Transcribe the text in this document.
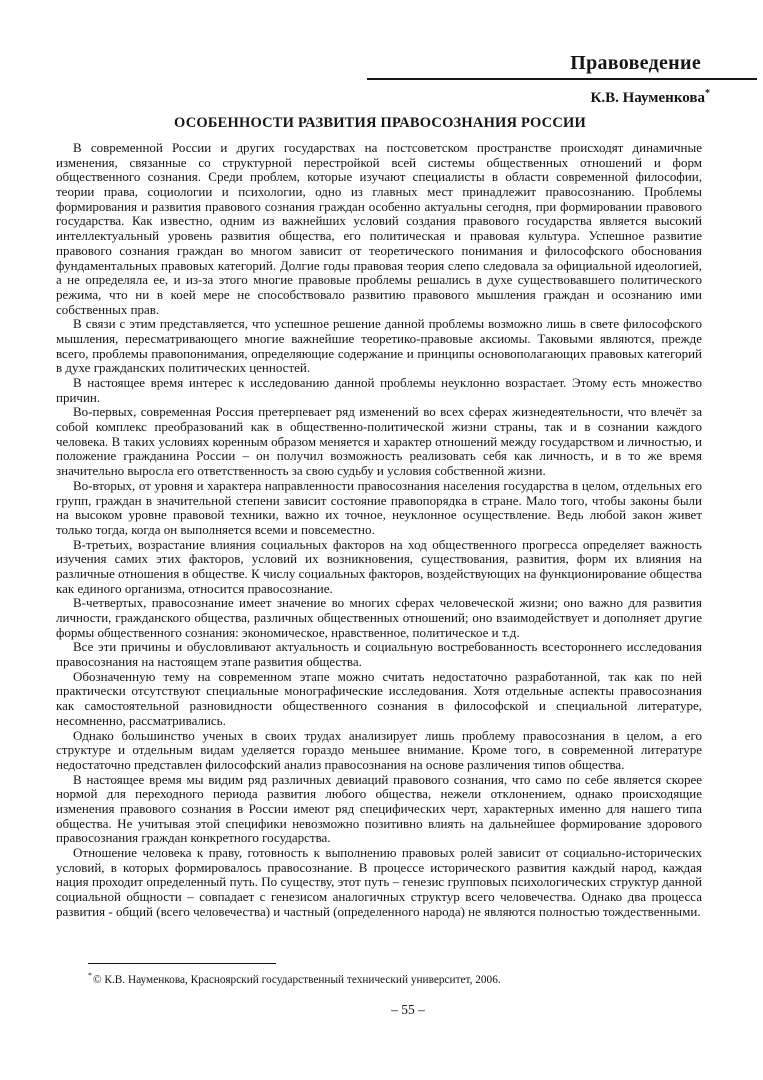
Правоведение
К.В. Науменкова*
ОСОБЕННОСТИ РАЗВИТИЯ ПРАВОСОЗНАНИЯ РОССИИ

В современной России и других государствах на постсоветском пространстве происходят динамичные изменения, связанные со структурной перестройкой всей системы общественных отношений и форм общественного сознания. Среди проблем, которые изучают специалисты в области современной философии, теории права, социологии и психологии, одно из главных мест принадлежит правосознанию. Проблемы формирования и развития правового сознания граждан особенно актуальны сегодня, при формировании правового государства. Как известно, одним из важнейших условий создания правового государства является высокий интеллектуальный уровень развития общества, его политическая и правовая культура. Успешное развитие правового сознания граждан во многом зависит от теоретического понимания и философского обоснования фундаментальных правовых категорий. Долгие годы правовая теория слепо следовала за официальной идеологией, а не определяла ее, и из-за этого многие правовые проблемы решались в духе существовавшего политического режима, что ни в коей мере не способствовало развитию правового мышления граждан и осознанию ими собственных прав.

В связи с этим представляется, что успешное решение данной проблемы возможно лишь в свете философского мышления, пересматривающего многие важнейшие теоретико-правовые аксиомы. Таковыми являются, прежде всего, проблемы правопонимания, определяющие содержание и принципы основополагающих правовых категорий в духе гражданских политических ценностей.

В настоящее время интерес к исследованию данной проблемы неуклонно возрастает. Этому есть множество причин.

Во-первых, современная Россия претерпевает ряд изменений во всех сферах жизнедеятельности, что влечёт за собой комплекс преобразований как в общественно-политической жизни страны, так и в сознании каждого человека. В таких условиях коренным образом меняется и характер отношений между государством и личностью, и положение гражданина России – он получил возможность реализовать себя как личность, и в то же время значительно выросла его ответственность за свою судьбу и условия собственной жизни.

Во-вторых, от уровня и характера направленности правосознания населения государства в целом, отдельных его групп, граждан в значительной степени зависит состояние правопорядка в стране. Мало того, чтобы законы были на высоком уровне правовой техники, важно их точное, неуклонное осуществление. Ведь любой закон живет только тогда, когда он выполняется всеми и повсеместно.

В-третьих, возрастание влияния социальных факторов на ход общественного прогресса определяет важность изучения самих этих факторов, условий их возникновения, существования, развития, форм их влияния на различные отношения в обществе. К числу социальных факторов, воздействующих на функционирование общества как единого организма, относится правосознание.

В-четвертых, правосознание имеет значение во многих сферах человеческой жизни; оно важно для развития личности, гражданского общества, различных общественных отношений; оно взаимодействует и дополняет другие формы общественного сознания: экономическое, нравственное, политическое и т.д.

Все эти причины и обусловливают актуальность и социальную востребованность всестороннего исследования правосознания на настоящем этапе развития общества.

Обозначенную тему на современном этапе можно считать недостаточно разработанной, так как по ней практически отсутствуют специальные монографические исследования. Хотя отдельные аспекты правосознания как самостоятельной разновидности общественного сознания в философской и специальной литературе, несомненно, рассматривались.

Однако большинство ученых в своих трудах анализирует лишь проблему правосознания в целом, а его структуре и отдельным видам уделяется гораздо меньшее внимание. Кроме того, в современной литературе недостаточно представлен философский анализ правосознания на основе различения типов общества.

В настоящее время мы видим ряд различных девиаций правового сознания, что само по себе является скорее нормой для переходного периода развития любого общества, нежели отклонением, однако происходящие изменения правового сознания в России имеют ряд специфических черт, характерных именно для нашего типа общества. Не учитывая этой специфики невозможно позитивно влиять на дальнейшее формирование здорового правосознания граждан конкретного государства.

Отношение человека к праву, готовность к выполнению правовых ролей зависит от социально-исторических условий, в которых формировалось правосознание. В процессе исторического развития каждый народ, каждая нация проходит определенный путь. По существу, этот путь – генезис групповых психологических структур данной социальной общности – совпадает с генезисом аналогичных структур всего человечества. Однако два процесса развития - общий (всего человечества) и частный (определенного народа) не являются полностью тождественными.

*© К.В. Науменкова, Красноярский государственный технический университет, 2006.
– 55 –
